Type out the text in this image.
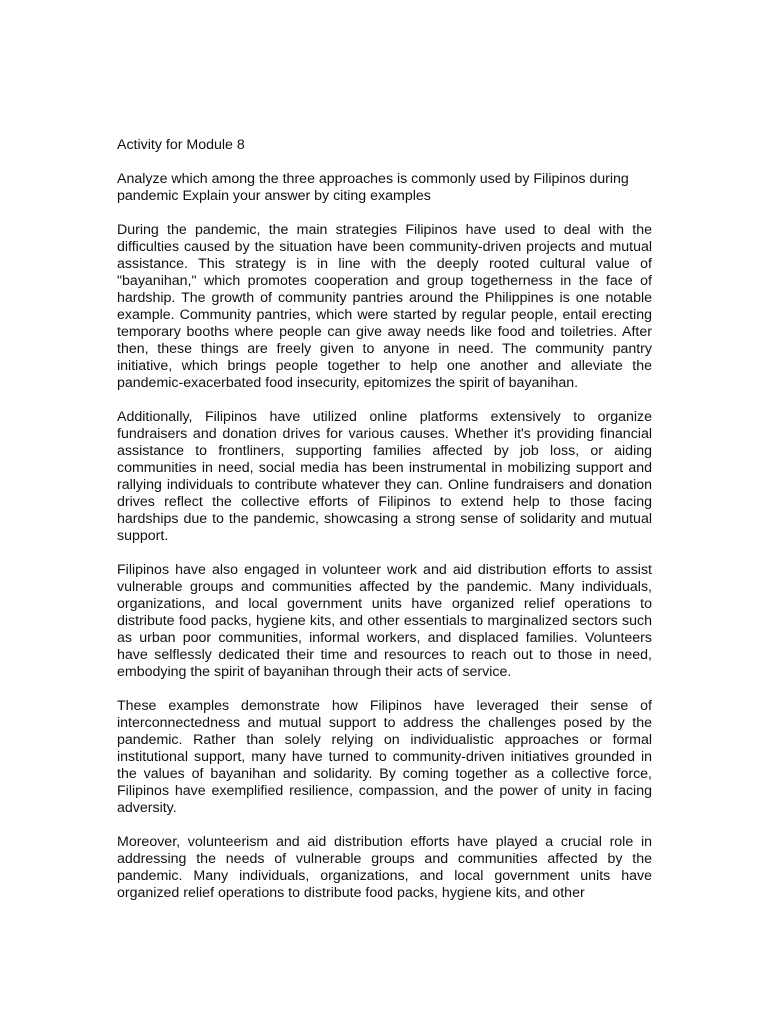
Activity for Module 8
Analyze which among the three approaches is commonly used by Filipinos during pandemic Explain your answer by citing examples
During the pandemic, the main strategies Filipinos have used to deal with the difficulties caused by the situation have been community-driven projects and mutual assistance. This strategy is in line with the deeply rooted cultural value of "bayanihan," which promotes cooperation and group togetherness in the face of hardship. The growth of community pantries around the Philippines is one notable example. Community pantries, which were started by regular people, entail erecting temporary booths where people can give away needs like food and toiletries. After then, these things are freely given to anyone in need. The community pantry initiative, which brings people together to help one another and alleviate the pandemic-exacerbated food insecurity, epitomizes the spirit of bayanihan.
Additionally, Filipinos have utilized online platforms extensively to organize fundraisers and donation drives for various causes. Whether it's providing financial assistance to frontliners, supporting families affected by job loss, or aiding communities in need, social media has been instrumental in mobilizing support and rallying individuals to contribute whatever they can. Online fundraisers and donation drives reflect the collective efforts of Filipinos to extend help to those facing hardships due to the pandemic, showcasing a strong sense of solidarity and mutual support.
Filipinos have also engaged in volunteer work and aid distribution efforts to assist vulnerable groups and communities affected by the pandemic. Many individuals, organizations, and local government units have organized relief operations to distribute food packs, hygiene kits, and other essentials to marginalized sectors such as urban poor communities, informal workers, and displaced families. Volunteers have selflessly dedicated their time and resources to reach out to those in need, embodying the spirit of bayanihan through their acts of service.
These examples demonstrate how Filipinos have leveraged their sense of interconnectedness and mutual support to address the challenges posed by the pandemic. Rather than solely relying on individualistic approaches or formal institutional support, many have turned to community-driven initiatives grounded in the values of bayanihan and solidarity. By coming together as a collective force, Filipinos have exemplified resilience, compassion, and the power of unity in facing adversity.
Moreover, volunteerism and aid distribution efforts have played a crucial role in addressing the needs of vulnerable groups and communities affected by the pandemic. Many individuals, organizations, and local government units have organized relief operations to distribute food packs, hygiene kits, and other
